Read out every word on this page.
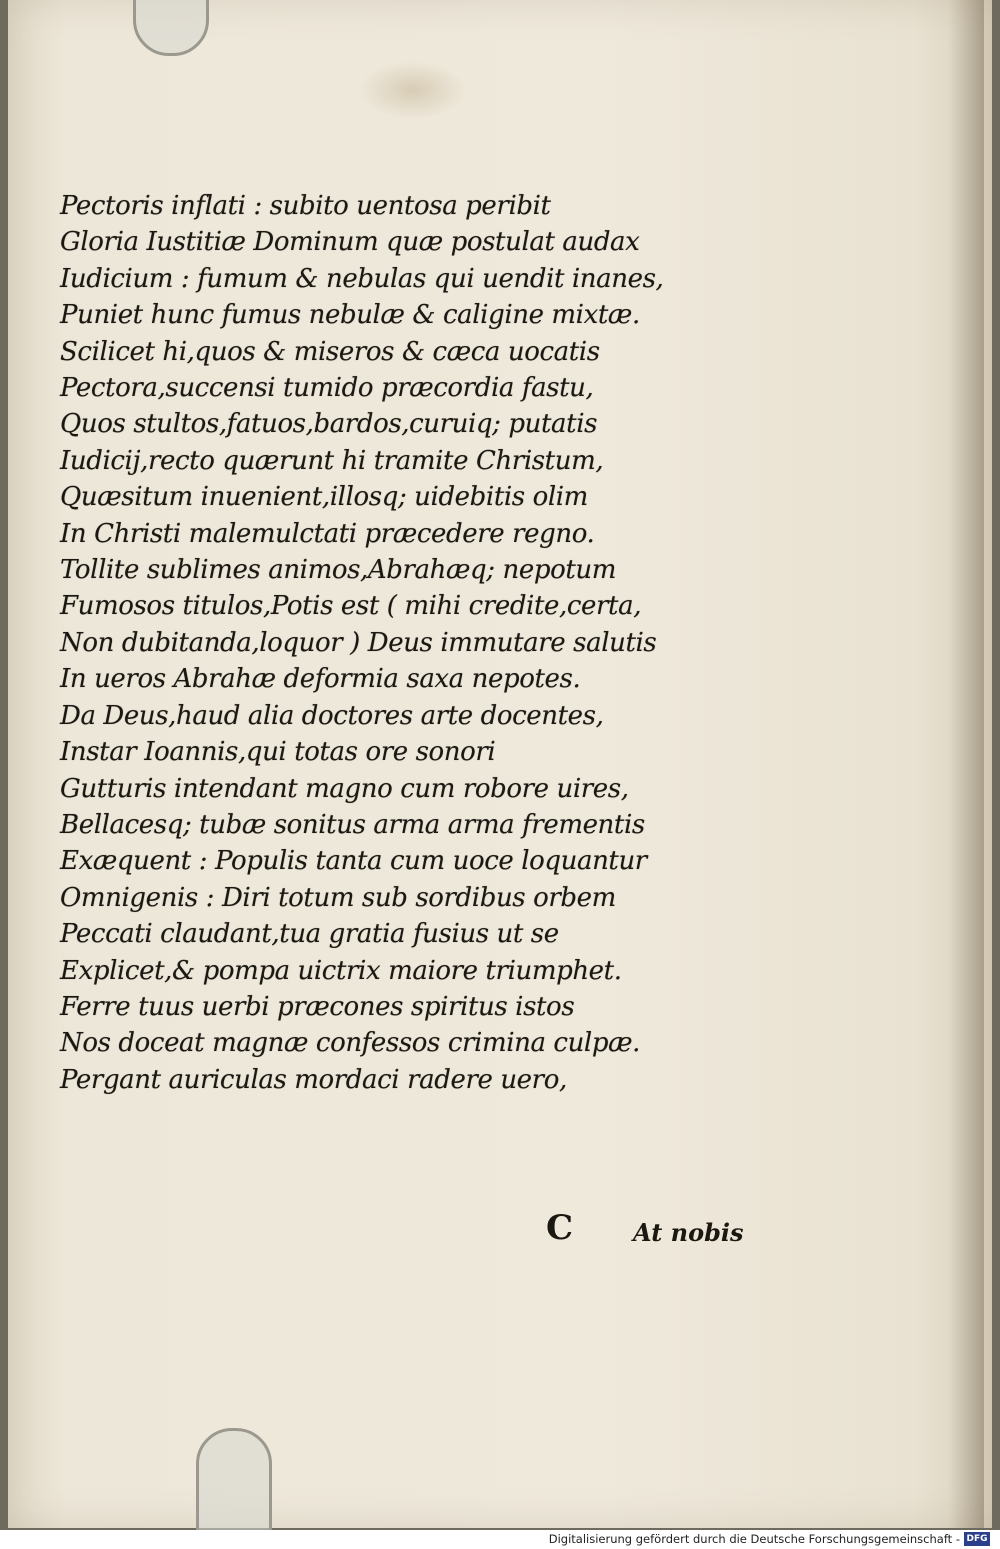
Pectoris inflati : subito uentosa peribit
Gloria Iustitiæ Dominum quæ postulat audax
Iudicium : fumum & nebulas qui uendit inanes,
Puniet hunc fumus nebulæ & caligine mixtæ.
Scilicet hi,quos & miseros & cæca uocatis
Pectora,succensi tumido præcordia fastu,
Quos stultos,fatuos,bardos,curuiq; putatis
Iudicij,recto quærunt hi tramite Christum,
Quæsitum inuenient,illosq; uidebitis olim
In Christi malemulctati præcedere regno.
Tollite sublimes animos,Abrahæq; nepotum
Fumosos titulos,Potis est ( mihi credite,certa,
Non dubitanda,loquor ) Deus immutare salutis
In ueros Abrahæ deformia saxa nepotes.
Da Deus,haud alia doctores arte docentes,
Instar Ioannis,qui totas ore sonori
Gutturis intendant magno cum robore uires,
Bellacesq; tubæ sonitus arma arma frementis
Exæquent : Populis tanta cum uoce loquantur
Omnigenis : Diri totum sub sordibus orbem
Peccati claudant,tua gratia fusius ut se
Explicet,& pompa uictrix maiore triumphet.
Ferre tuus uerbi præcones spiritus istos
Nos doceat magnæ confessos crimina culpæ.
Pergant auriculas mordaci radere uero,
C At nobis
Digitalisierung gefördert durch die Deutsche Forschungsgemeinschaft - DFG
